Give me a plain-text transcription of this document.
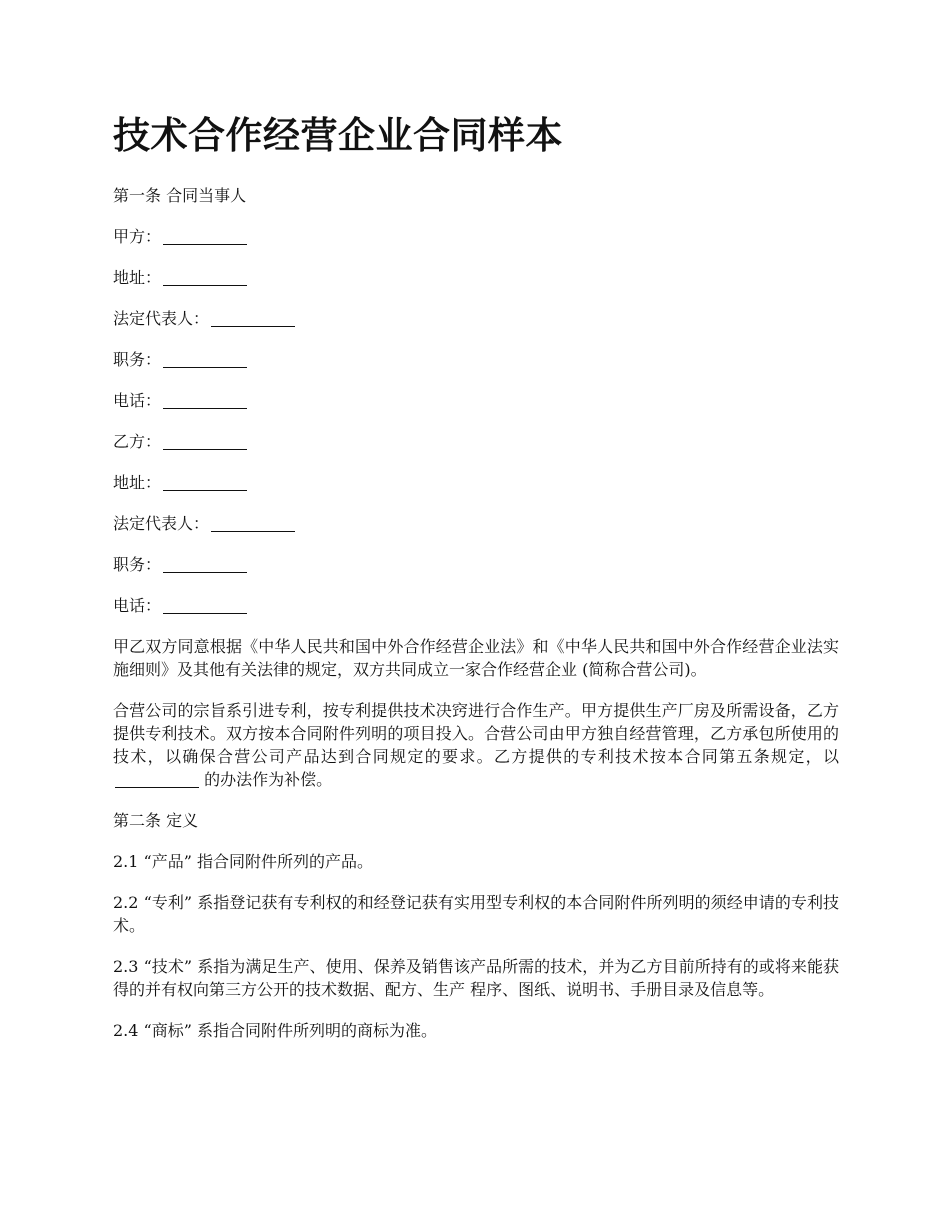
技术合作经营企业合同样本

第一条 合同当事人

甲方：

地址：

法定代表人：

职务：

电话：

乙方：

地址：

法定代表人：

职务：

电话：

甲乙双方同意根据《中华人民共和国中外合作经营企业法》和《中华人民共和国中外合作经营企业法实施细则》及其他有关法律的规定，双方共同成立一家合作经营企业 (简称合营公司)。

合营公司的宗旨系引进专利，按专利提供技术决窍进行合作生产。甲方提供生产厂房及所需设备，乙方提供专利技术。双方按本合同附件列明的项目投入。合营公司由甲方独自经营管理，乙方承包所使用的技术，以确保合营公司产品达到合同规定的要求。乙方提供的专利技术按本合同第五条规定，以 的办法作为补偿。

第二条 定义

2.1 “产品” 指合同附件所列的产品。

2.2 “专利” 系指登记获有专利权的和经登记获有实用型专利权的本合同附件所列明的须经申请的专利技术。

2.3 “技术” 系指为满足生产、使用、保养及销售该产品所需的技术，并为乙方目前所持有的或将来能获得的并有权向第三方公开的技术数据、配方、生产 程序、图纸、说明书、手册目录及信息等。

2.4 “商标” 系指合同附件所列明的商标为准。
